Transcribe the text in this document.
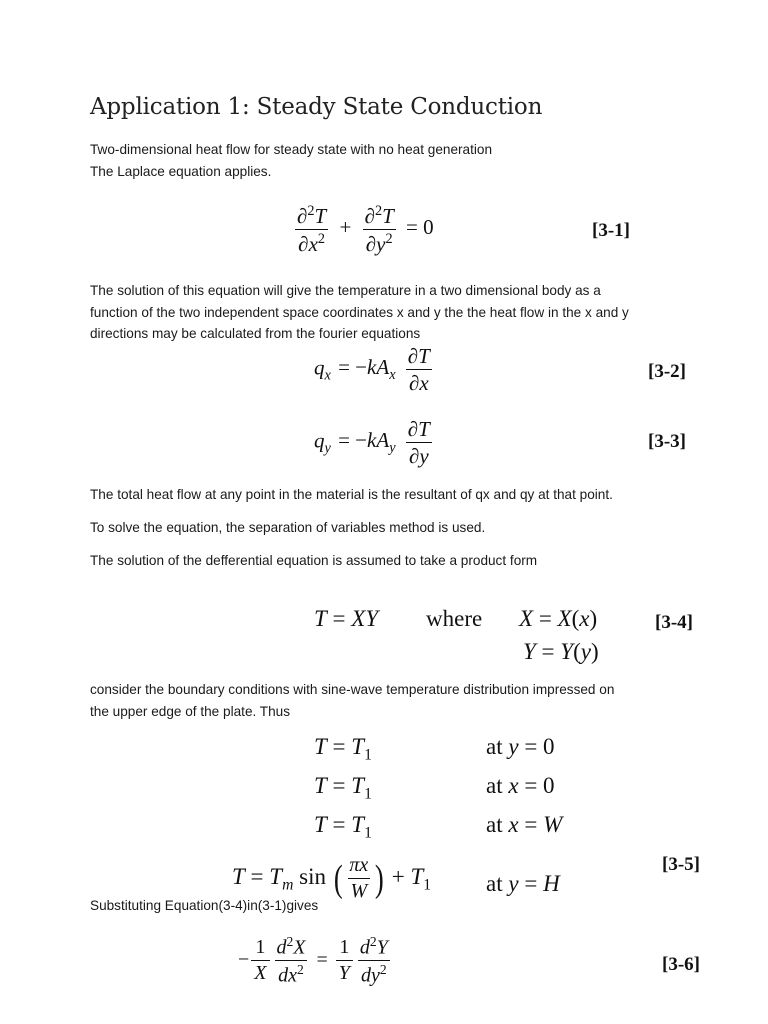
Application 1: Steady State Conduction
Two-dimensional heat flow for steady state with no heat generation
The Laplace equation applies.
$\frac{\partial^2T}{\partial x^2} + \frac{\partial^2T}{\partial y^2} = 0$	[3-1]
The solution of this equation will give the temperature in a two dimensional body as a
function of the two independent space coordinates x and y the the heat flow in the x and y
directions may be calculated from the fourier equations
$q_x = -kA_x \frac{\partial T}{\partial x}$	[3-2]
$q_y = -kA_y \frac{\partial T}{\partial y}$	[3-3]
The total heat flow at any point in the material is the resultant of qx and qy at that point.
To solve the equation, the separation of variables method is used.
The solution of the defferential equation is assumed to take a product form
T = XY where X = X(x)
Y = Y(y)
[3-4]
consider the boundary conditions with sine-wave temperature distribution impressed on
the upper edge of the plate. Thus
$T = T_1$	at y = 0
$T = T_1$	at x = 0
$T = T_1$	at x = W
$T = T_m$ sin ( $\frac{\pi x}{W}$ ) + $T_1$ at y = H
[3-5]
Substituting Equation(3-4)in(3-1)gives
− $\frac{1}{X} \frac{d^2X}{dx^2} = \frac{1}{Y} \frac{d^2Y}{dy^2}$	[3-6]
